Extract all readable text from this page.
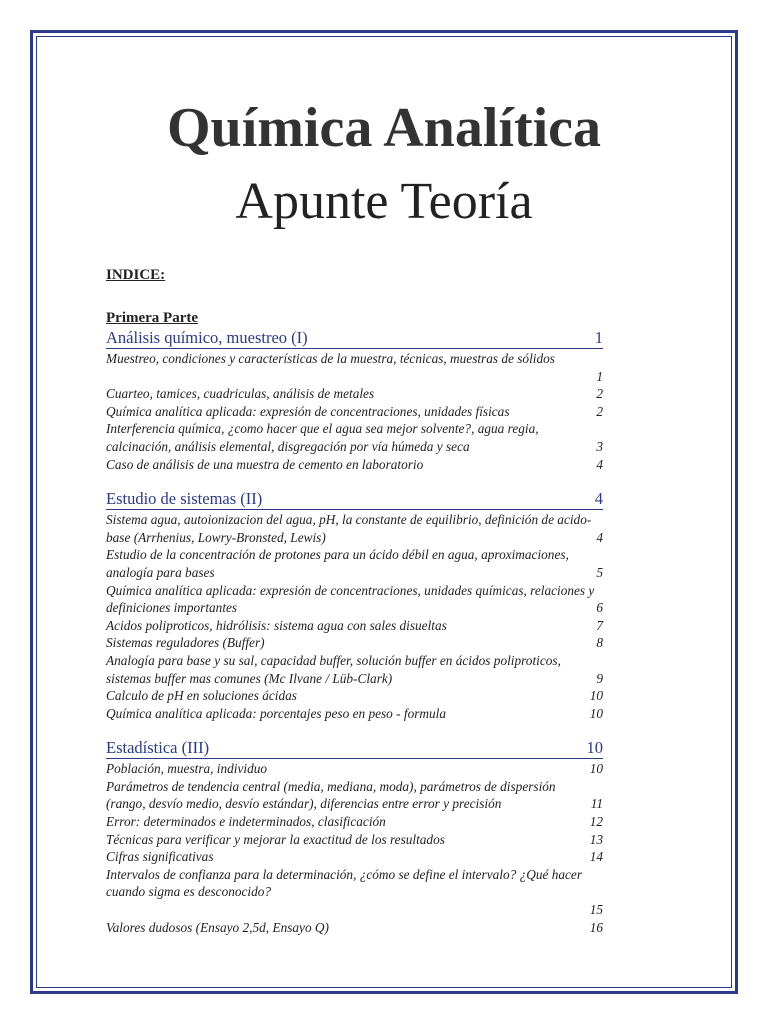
Química Analítica
Apunte Teoría
INDICE:
Primera Parte
Análisis químico, muestreo (I)	1
Muestreo, condiciones y características de la muestra, técnicas, muestras de sólidos
1
Cuarteo, tamices, cuadriculas, análisis de metales	2
Química analítica aplicada: expresión de concentraciones, unidades físicas	2
Interferencia química, ¿como hacer que el agua sea mejor solvente?, agua regia,
calcinación, análisis elemental, disgregación por vía húmeda y seca	3
Caso de análisis de una muestra de cemento en laboratorio	4
Estudio de sistemas (II)	4
Sistema agua, autoionizacion del agua, pH, la constante de equilibrio, definición de acido-
base (Arrhenius, Lowry-Bronsted, Lewis)	4
Estudio de la concentración de protones para un ácido débil en agua, aproximaciones,
analogía para bases	5
Química analítica aplicada: expresión de concentraciones, unidades químicas, relaciones y
definiciones importantes	6
Acidos poliproticos, hidrólisis: sistema agua con sales disueltas	7
Sistemas reguladores (Buffer)	8
Analogía para base y su sal, capacidad buffer, solución buffer en ácidos poliproticos,
sistemas buffer mas comunes (Mc Ilvane / Lüb-Clark)	9
Calculo de pH en soluciones ácidas	10
Química analítica aplicada: porcentajes peso en peso - formula	10
Estadística (III)	10
Población, muestra, individuo	10
Parámetros de tendencia central (media, mediana, moda), parámetros de dispersión
(rango, desvío medio, desvío estándar), diferencias entre error y precisión	11
Error: determinados e indeterminados, clasificación	12
Técnicas para verificar y mejorar la exactitud de los resultados	13
Cifras significativas	14
Intervalos de confianza para la determinación, ¿cómo se define el intervalo? ¿Qué hacer
cuando sigma es desconocido?
15
Valores dudosos (Ensayo 2,5d, Ensayo Q)	16
